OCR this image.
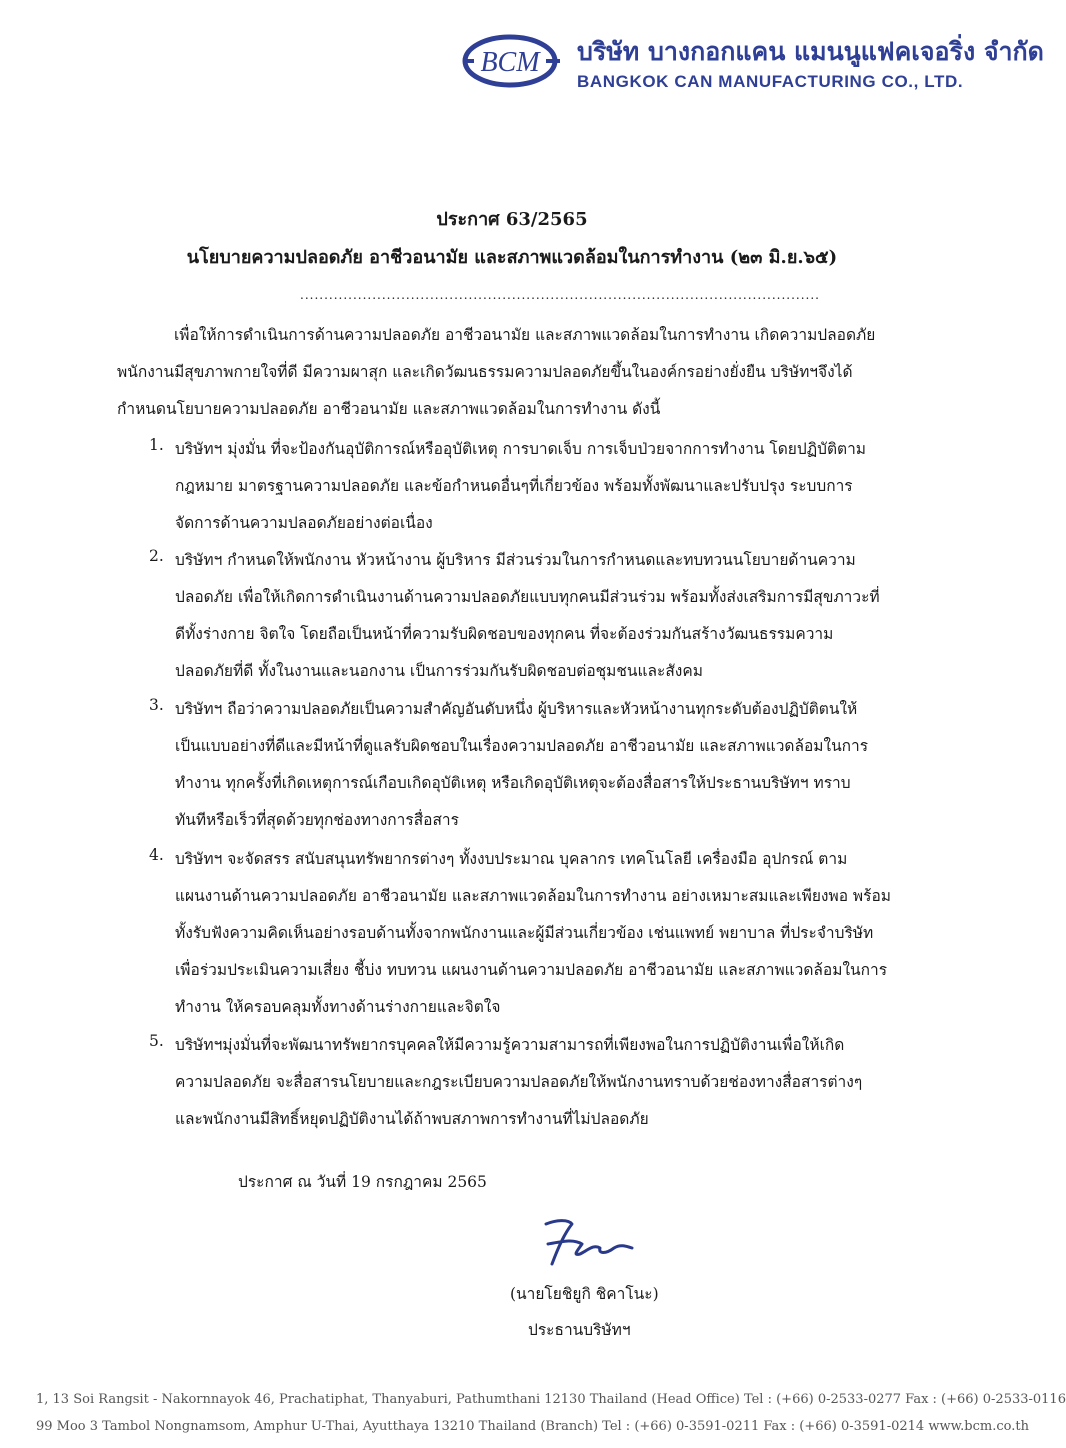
BCM บริษัท บางกอกแคน แมนนูแฟคเจอริ่ง จำกัด
BANGKOK CAN MANUFACTURING CO., LTD.
ประกาศ 63/2565
นโยบายความปลอดภัย อาชีวอนามัย และสภาพแวดล้อมในการทำงาน (๒๓ มิ.ย.๖๕)
............................................................................................................
เพื่อให้การดำเนินการด้านความปลอดภัย อาชีวอนามัย และสภาพแวดล้อมในการทำงาน เกิดความปลอดภัย
พนักงานมีสุขภาพกายใจที่ดี มีความผาสุก และเกิดวัฒนธรรมความปลอดภัยขึ้นในองค์กรอย่างยั่งยืน บริษัทฯจึงได้
กำหนดนโยบายความปลอดภัย อาชีวอนามัย และสภาพแวดล้อมในการทำงาน ดังนี้
1. บริษัทฯ มุ่งมั่น ที่จะป้องกันอุบัติการณ์หรืออุบัติเหตุ การบาดเจ็บ การเจ็บป่วยจากการทำงาน โดยปฏิบัติตาม
กฎหมาย มาตรฐานความปลอดภัย และข้อกำหนดอื่นๆที่เกี่ยวข้อง พร้อมทั้งพัฒนาและปรับปรุง ระบบการ
จัดการด้านความปลอดภัยอย่างต่อเนื่อง
2. บริษัทฯ กำหนดให้พนักงาน หัวหน้างาน ผู้บริหาร มีส่วนร่วมในการกำหนดและทบทวนนโยบายด้านความ
ปลอดภัย เพื่อให้เกิดการดำเนินงานด้านความปลอดภัยแบบทุกคนมีส่วนร่วม พร้อมทั้งส่งเสริมการมีสุขภาวะที่
ดีทั้งร่างกาย จิตใจ โดยถือเป็นหน้าที่ความรับผิดชอบของทุกคน ที่จะต้องร่วมกันสร้างวัฒนธรรมความ
ปลอดภัยที่ดี ทั้งในงานและนอกงาน เป็นการร่วมกันรับผิดชอบต่อชุมชนและสังคม
3. บริษัทฯ ถือว่าความปลอดภัยเป็นความสำคัญอันดับหนึ่ง ผู้บริหารและหัวหน้างานทุกระดับต้องปฏิบัติตนให้
เป็นแบบอย่างที่ดีและมีหน้าที่ดูแลรับผิดชอบในเรื่องความปลอดภัย อาชีวอนามัย และสภาพแวดล้อมในการ
ทำงาน ทุกครั้งที่เกิดเหตุการณ์เกือบเกิดอุบัติเหตุ หรือเกิดอุบัติเหตุจะต้องสื่อสารให้ประธานบริษัทฯ ทราบ
ทันทีหรือเร็วที่สุดด้วยทุกช่องทางการสื่อสาร
4. บริษัทฯ จะจัดสรร สนับสนุนทรัพยากรต่างๆ ทั้งงบประมาณ บุคลากร เทคโนโลยี เครื่องมือ อุปกรณ์ ตาม
แผนงานด้านความปลอดภัย อาชีวอนามัย และสภาพแวดล้อมในการทำงาน อย่างเหมาะสมและเพียงพอ พร้อม
ทั้งรับฟังความคิดเห็นอย่างรอบด้านทั้งจากพนักงานและผู้มีส่วนเกี่ยวข้อง เช่นแพทย์ พยาบาล ที่ประจำบริษัท
เพื่อร่วมประเมินความเสี่ยง ชี้บ่ง ทบทวน แผนงานด้านความปลอดภัย อาชีวอนามัย และสภาพแวดล้อมในการ
ทำงาน ให้ครอบคลุมทั้งทางด้านร่างกายและจิตใจ
5. บริษัทฯมุ่งมั่นที่จะพัฒนาทรัพยากรบุคคลให้มีความรู้ความสามารถที่เพียงพอในการปฏิบัติงานเพื่อให้เกิด
ความปลอดภัย จะสื่อสารนโยบายและกฎระเบียบความปลอดภัยให้พนักงานทราบด้วยช่องทางสื่อสารต่างๆ
และพนักงานมีสิทธิ์หยุดปฏิบัติงานได้ถ้าพบสภาพการทำงานที่ไม่ปลอดภัย
ประกาศ ณ วันที่ 19 กรกฎาคม 2565
(นายโยชิยูกิ ชิคาโนะ)
ประธานบริษัทฯ
1, 13 Soi Rangsit - Nakornnayok 46, Prachatiphat, Thanyaburi, Pathumthani 12130 Thailand (Head Office) Tel : (+66) 0-2533-0277 Fax : (+66) 0-2533-0116
99 Moo 3 Tambol Nongnamsom, Amphur U-Thai, Ayutthaya 13210 Thailand (Branch) Tel : (+66) 0-3591-0211 Fax : (+66) 0-3591-0214 www.bcm.co.th
